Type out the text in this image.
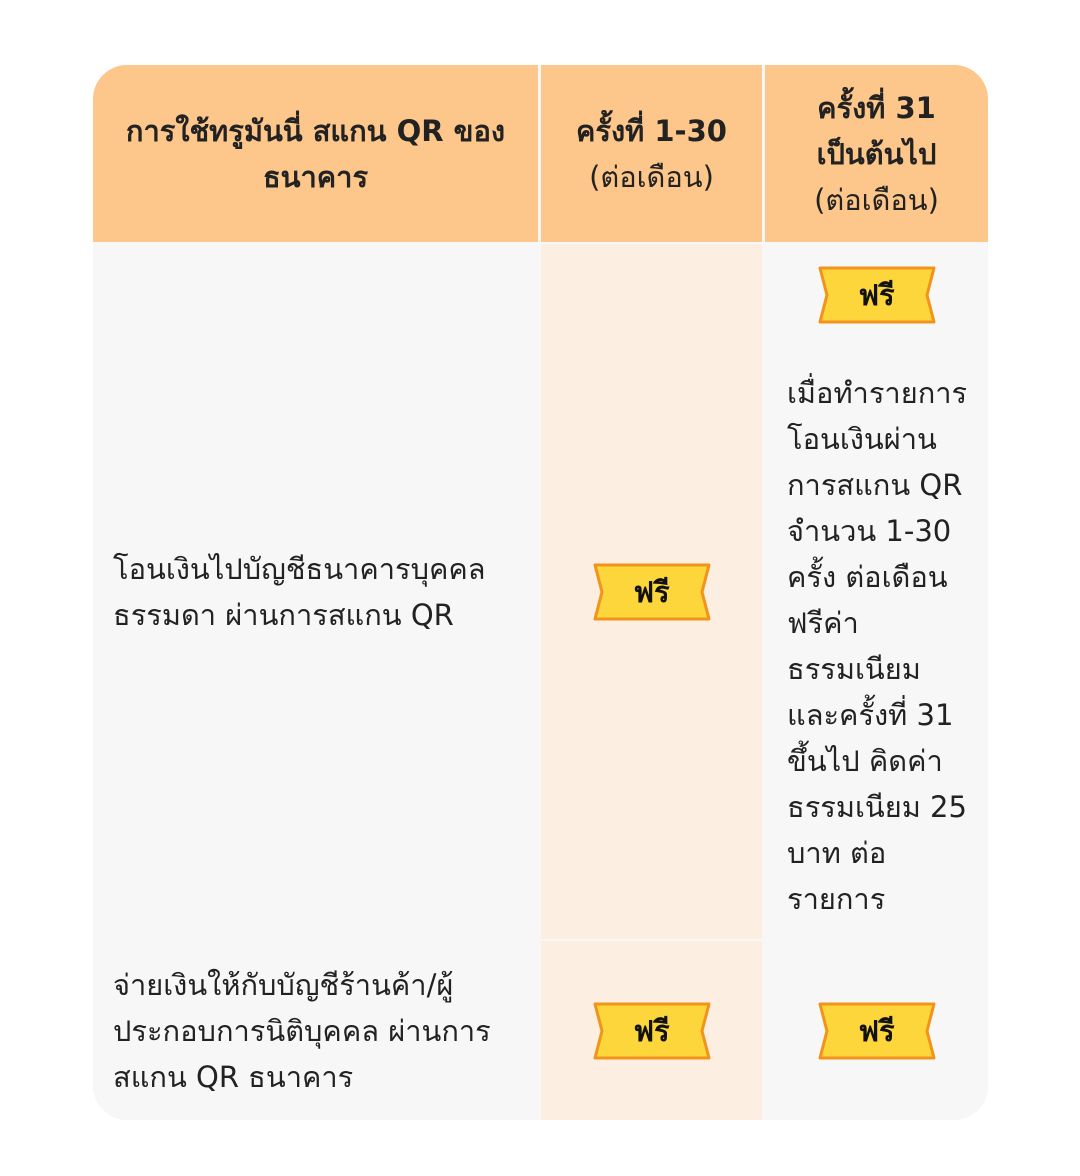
การใช้ทรูมันนี่ สแกน QR ของธนาคาร
ครั้งที่ 1-30
(ต่อเดือน)
ครั้งที่ 31 เป็นต้นไป
(ต่อเดือน)
โอนเงินไปบัญชีธนาคารบุคคลธรรมดา ผ่านการสแกน QR
ฟรี
ฟรี
เมื่อทำรายการโอนเงินผ่านการสแกน QR จำนวน 1-30 ครั้ง ต่อเดือน ฟรีค่าธรรมเนียม และครั้งที่ 31 ขึ้นไป คิดค่าธรรมเนียม 25 บาท ต่อรายการ
จ่ายเงินให้กับบัญชีร้านค้า/ผู้ประกอบการนิติบุคคล ผ่านการสแกน QR ธนาคาร
ฟรี	ฟรี
